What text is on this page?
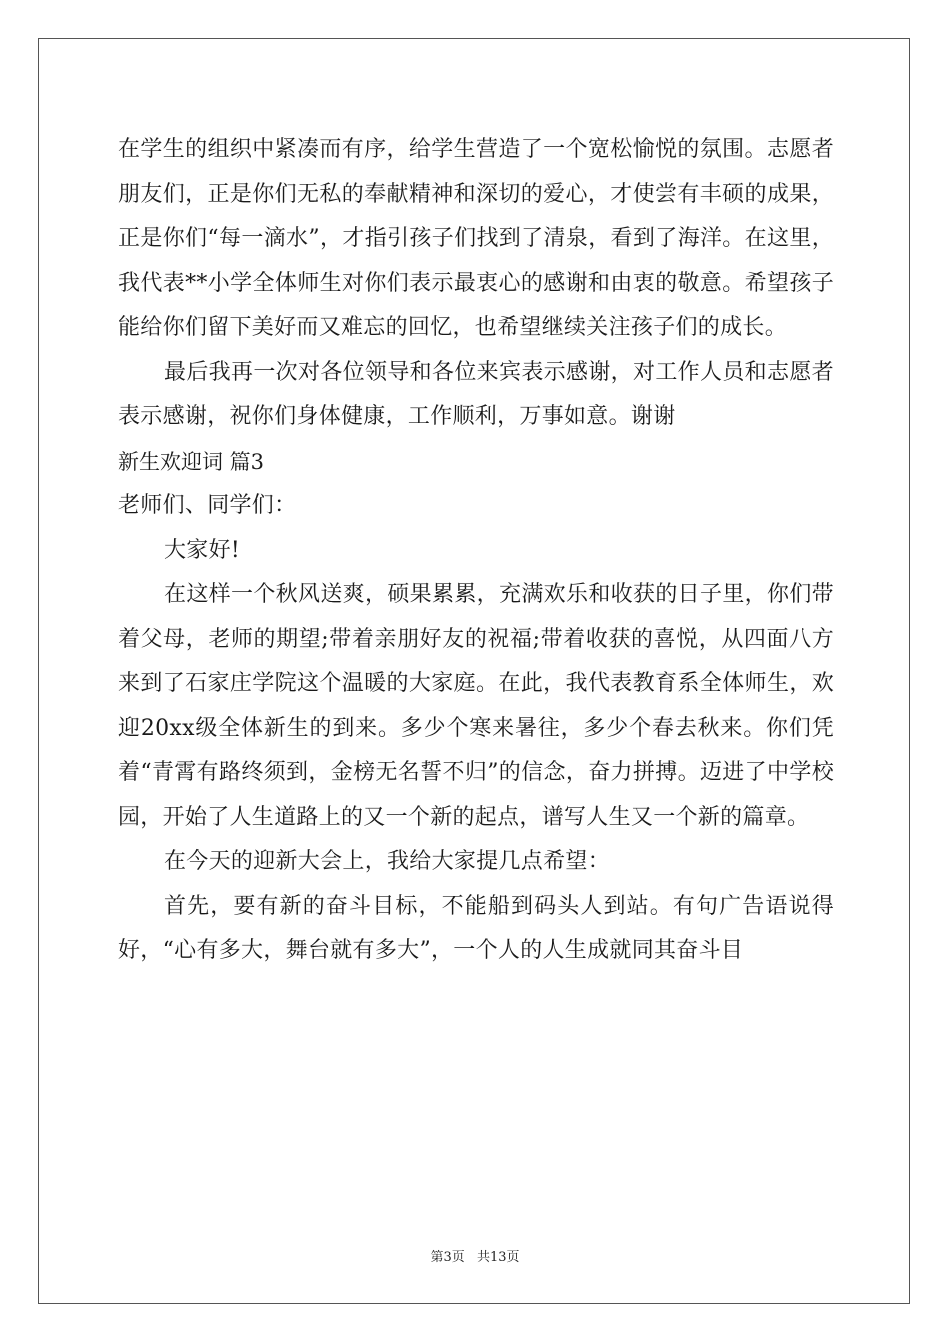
在学生的组织中紧凑而有序，给学生营造了一个宽松愉悦的氛围。志愿者朋友们，正是你们无私的奉献精神和深切的爱心，才使尝有丰硕的成果，正是你们“每一滴水”，才指引孩子们找到了清泉，看到了海洋。在这里，我代表**小学全体师生对你们表示最衷心的感谢和由衷的敬意。希望孩子能给你们留下美好而又难忘的回忆，也希望继续关注孩子们的成长。

最后我再一次对各位领导和各位来宾表示感谢，对工作人员和志愿者表示感谢，祝你们身体健康，工作顺利，万事如意。谢谢

新生欢迎词 篇3

老师们、同学们：

大家好!

在这样一个秋风送爽，硕果累累，充满欢乐和收获的日子里，你们带着父母，老师的期望;带着亲朋好友的祝福;带着收获的喜悦，从四面八方来到了石家庄学院这个温暖的大家庭。在此，我代表教育系全体师生，欢迎20xx级全体新生的到来。多少个寒来暑往，多少个春去秋来。你们凭着“青霄有路终须到，金榜无名誓不归”的信念，奋力拼搏。迈进了中学校园，开始了人生道路上的又一个新的起点，谱写人生又一个新的篇章。

在今天的迎新大会上，我给大家提几点希望：

首先，要有新的奋斗目标，不能船到码头人到站。有句广告语说得好，“心有多大，舞台就有多大”，一个人的人生成就同其奋斗目

第3页 共13页
